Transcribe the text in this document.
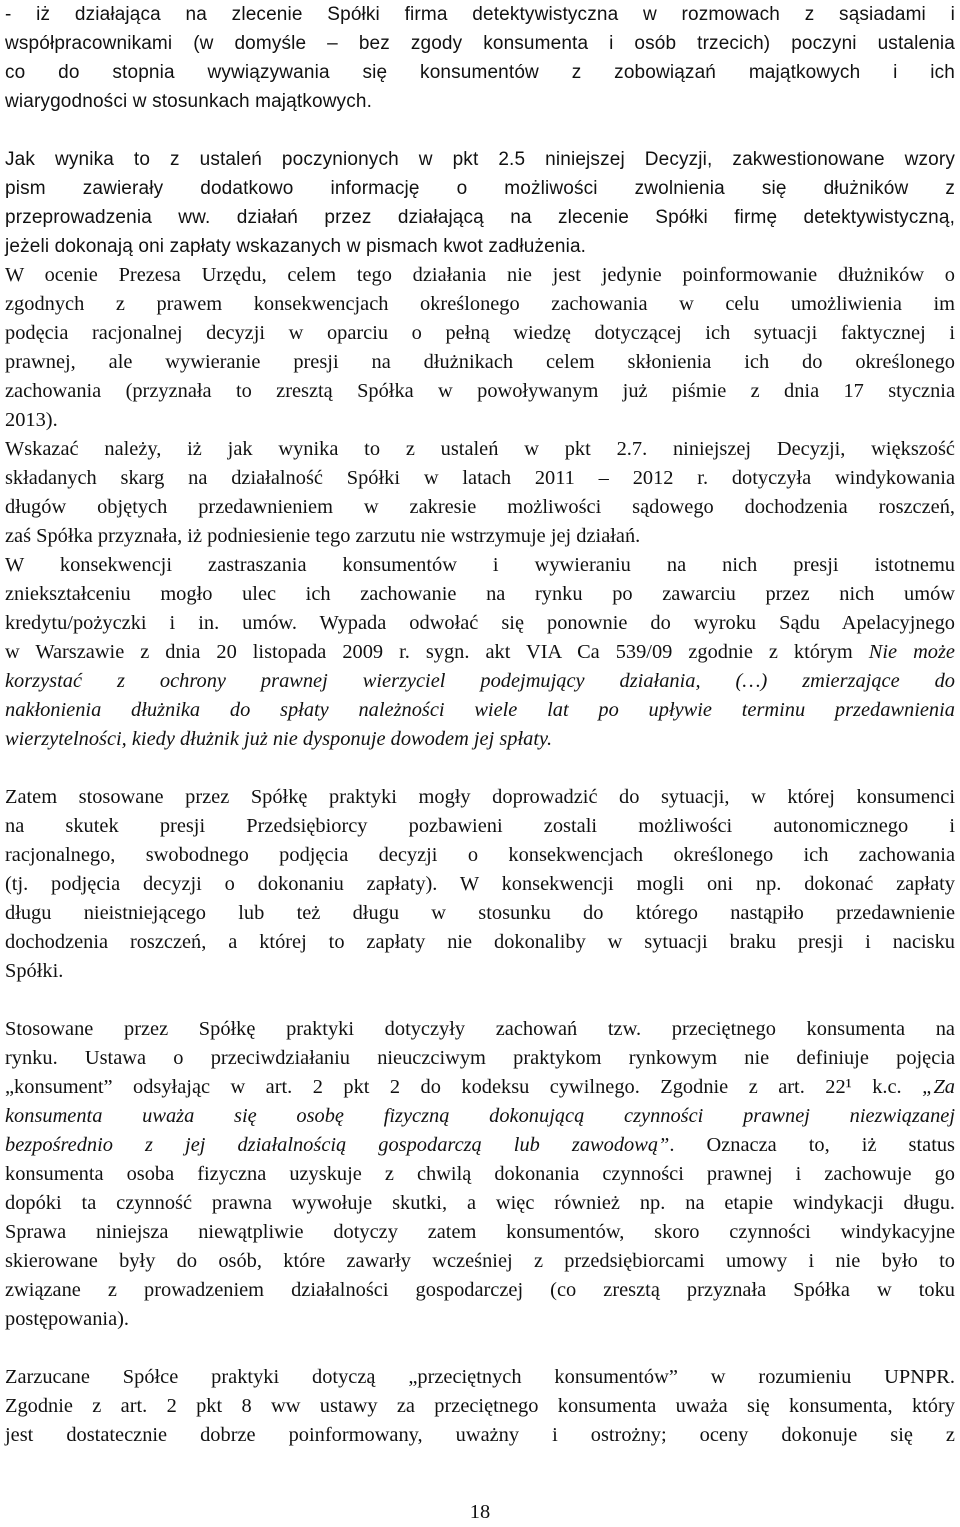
- iż działająca na zlecenie Spółki firma detektywistyczna w rozmowach z sąsiadami i
współpracownikami (w domyśle – bez zgody konsumenta i osób trzecich) poczyni ustalenia
co do stopnia wywiązywania się konsumentów z zobowiązań majątkowych i ich
wiarygodności w stosunkach majątkowych.
Jak wynika to z ustaleń poczynionych w pkt 2.5 niniejszej Decyzji, zakwestionowane wzory
pism zawierały dodatkowo informację o możliwości zwolnienia się dłużników z
przeprowadzenia ww. działań przez działającą na zlecenie Spółki firmę detektywistyczną,
jeżeli dokonają oni zapłaty wskazanych w pismach kwot zadłużenia.
W ocenie Prezesa Urzędu, celem tego działania nie jest jedynie poinformowanie dłużników o
zgodnych z prawem konsekwencjach określonego zachowania w celu umożliwienia im
podęcia racjonalnej decyzji w oparciu o pełną wiedzę dotyczącej ich sytuacji faktycznej i
prawnej, ale wywieranie presji na dłużnikach celem skłonienia ich do określonego
zachowania (przyznała to zresztą Spółka w powoływanym już piśmie z dnia 17 stycznia
2013).
Wskazać należy, iż jak wynika to z ustaleń w pkt 2.7. niniejszej Decyzji, większość
składanych skarg na działalność Spółki w latach 2011 – 2012 r. dotyczyła windykowania
długów objętych przedawnieniem w zakresie możliwości sądowego dochodzenia roszczeń,
zaś Spółka przyznała, iż podniesienie tego zarzutu nie wstrzymuje jej działań.
W konsekwencji zastraszania konsumentów i wywieraniu na nich presji istotnemu
zniekształceniu mogło ulec ich zachowanie na rynku po zawarciu przez nich umów
kredytu/pożyczki i in. umów. Wypada odwołać się ponownie do wyroku Sądu Apelacyjnego
w Warszawie z dnia 20 listopada 2009 r. sygn. akt VIA Ca 539/09 zgodnie z którym Nie może
korzystać z ochrony prawnej wierzyciel podejmujący działania, (…) zmierzające do
nakłonienia dłużnika do spłaty należności wiele lat po upływie terminu przedawnienia
wierzytelności, kiedy dłużnik już nie dysponuje dowodem jej spłaty.
Zatem stosowane przez Spółkę praktyki mogły doprowadzić do sytuacji, w której konsumenci
na skutek presji Przedsiębiorcy pozbawieni zostali możliwości autonomicznego i
racjonalnego, swobodnego podjęcia decyzji o konsekwencjach określonego ich zachowania
(tj. podjęcia decyzji o dokonaniu zapłaty). W konsekwencji mogli oni np. dokonać zapłaty
długu nieistniejącego lub też długu w stosunku do którego nastąpiło przedawnienie
dochodzenia roszczeń, a której to zapłaty nie dokonaliby w sytuacji braku presji i nacisku
Spółki.
Stosowane przez Spółkę praktyki dotyczyły zachowań tzw. przeciętnego konsumenta na
rynku. Ustawa o przeciwdziałaniu nieuczciwym praktykom rynkowym nie definiuje pojęcia
„konsument” odsyłając w art. 2 pkt 2 do kodeksu cywilnego. Zgodnie z art. 22¹ k.c. „Za
konsumenta uważa się osobę fizyczną dokonującą czynności prawnej niezwiązanej
bezpośrednio z jej działalnością gospodarczą lub zawodową”. Oznacza to, iż status
konsumenta osoba fizyczna uzyskuje z chwilą dokonania czynności prawnej i zachowuje go
dopóki ta czynność prawna wywołuje skutki, a więc również np. na etapie windykacji długu.
Sprawa niniejsza niewątpliwie dotyczy zatem konsumentów, skoro czynności windykacyjne
skierowane były do osób, które zawarły wcześniej z przedsiębiorcami umowy i nie było to
związane z prowadzeniem działalności gospodarczej (co zresztą przyznała Spółka w toku
postępowania).
Zarzucane Spółce praktyki dotyczą „przeciętnych konsumentów” w rozumieniu UPNPR.
Zgodnie z art. 2 pkt 8 ww ustawy za przeciętnego konsumenta uważa się konsumenta, który
jest dostatecznie dobrze poinformowany, uważny i ostrożny; oceny dokonuje się z
18
